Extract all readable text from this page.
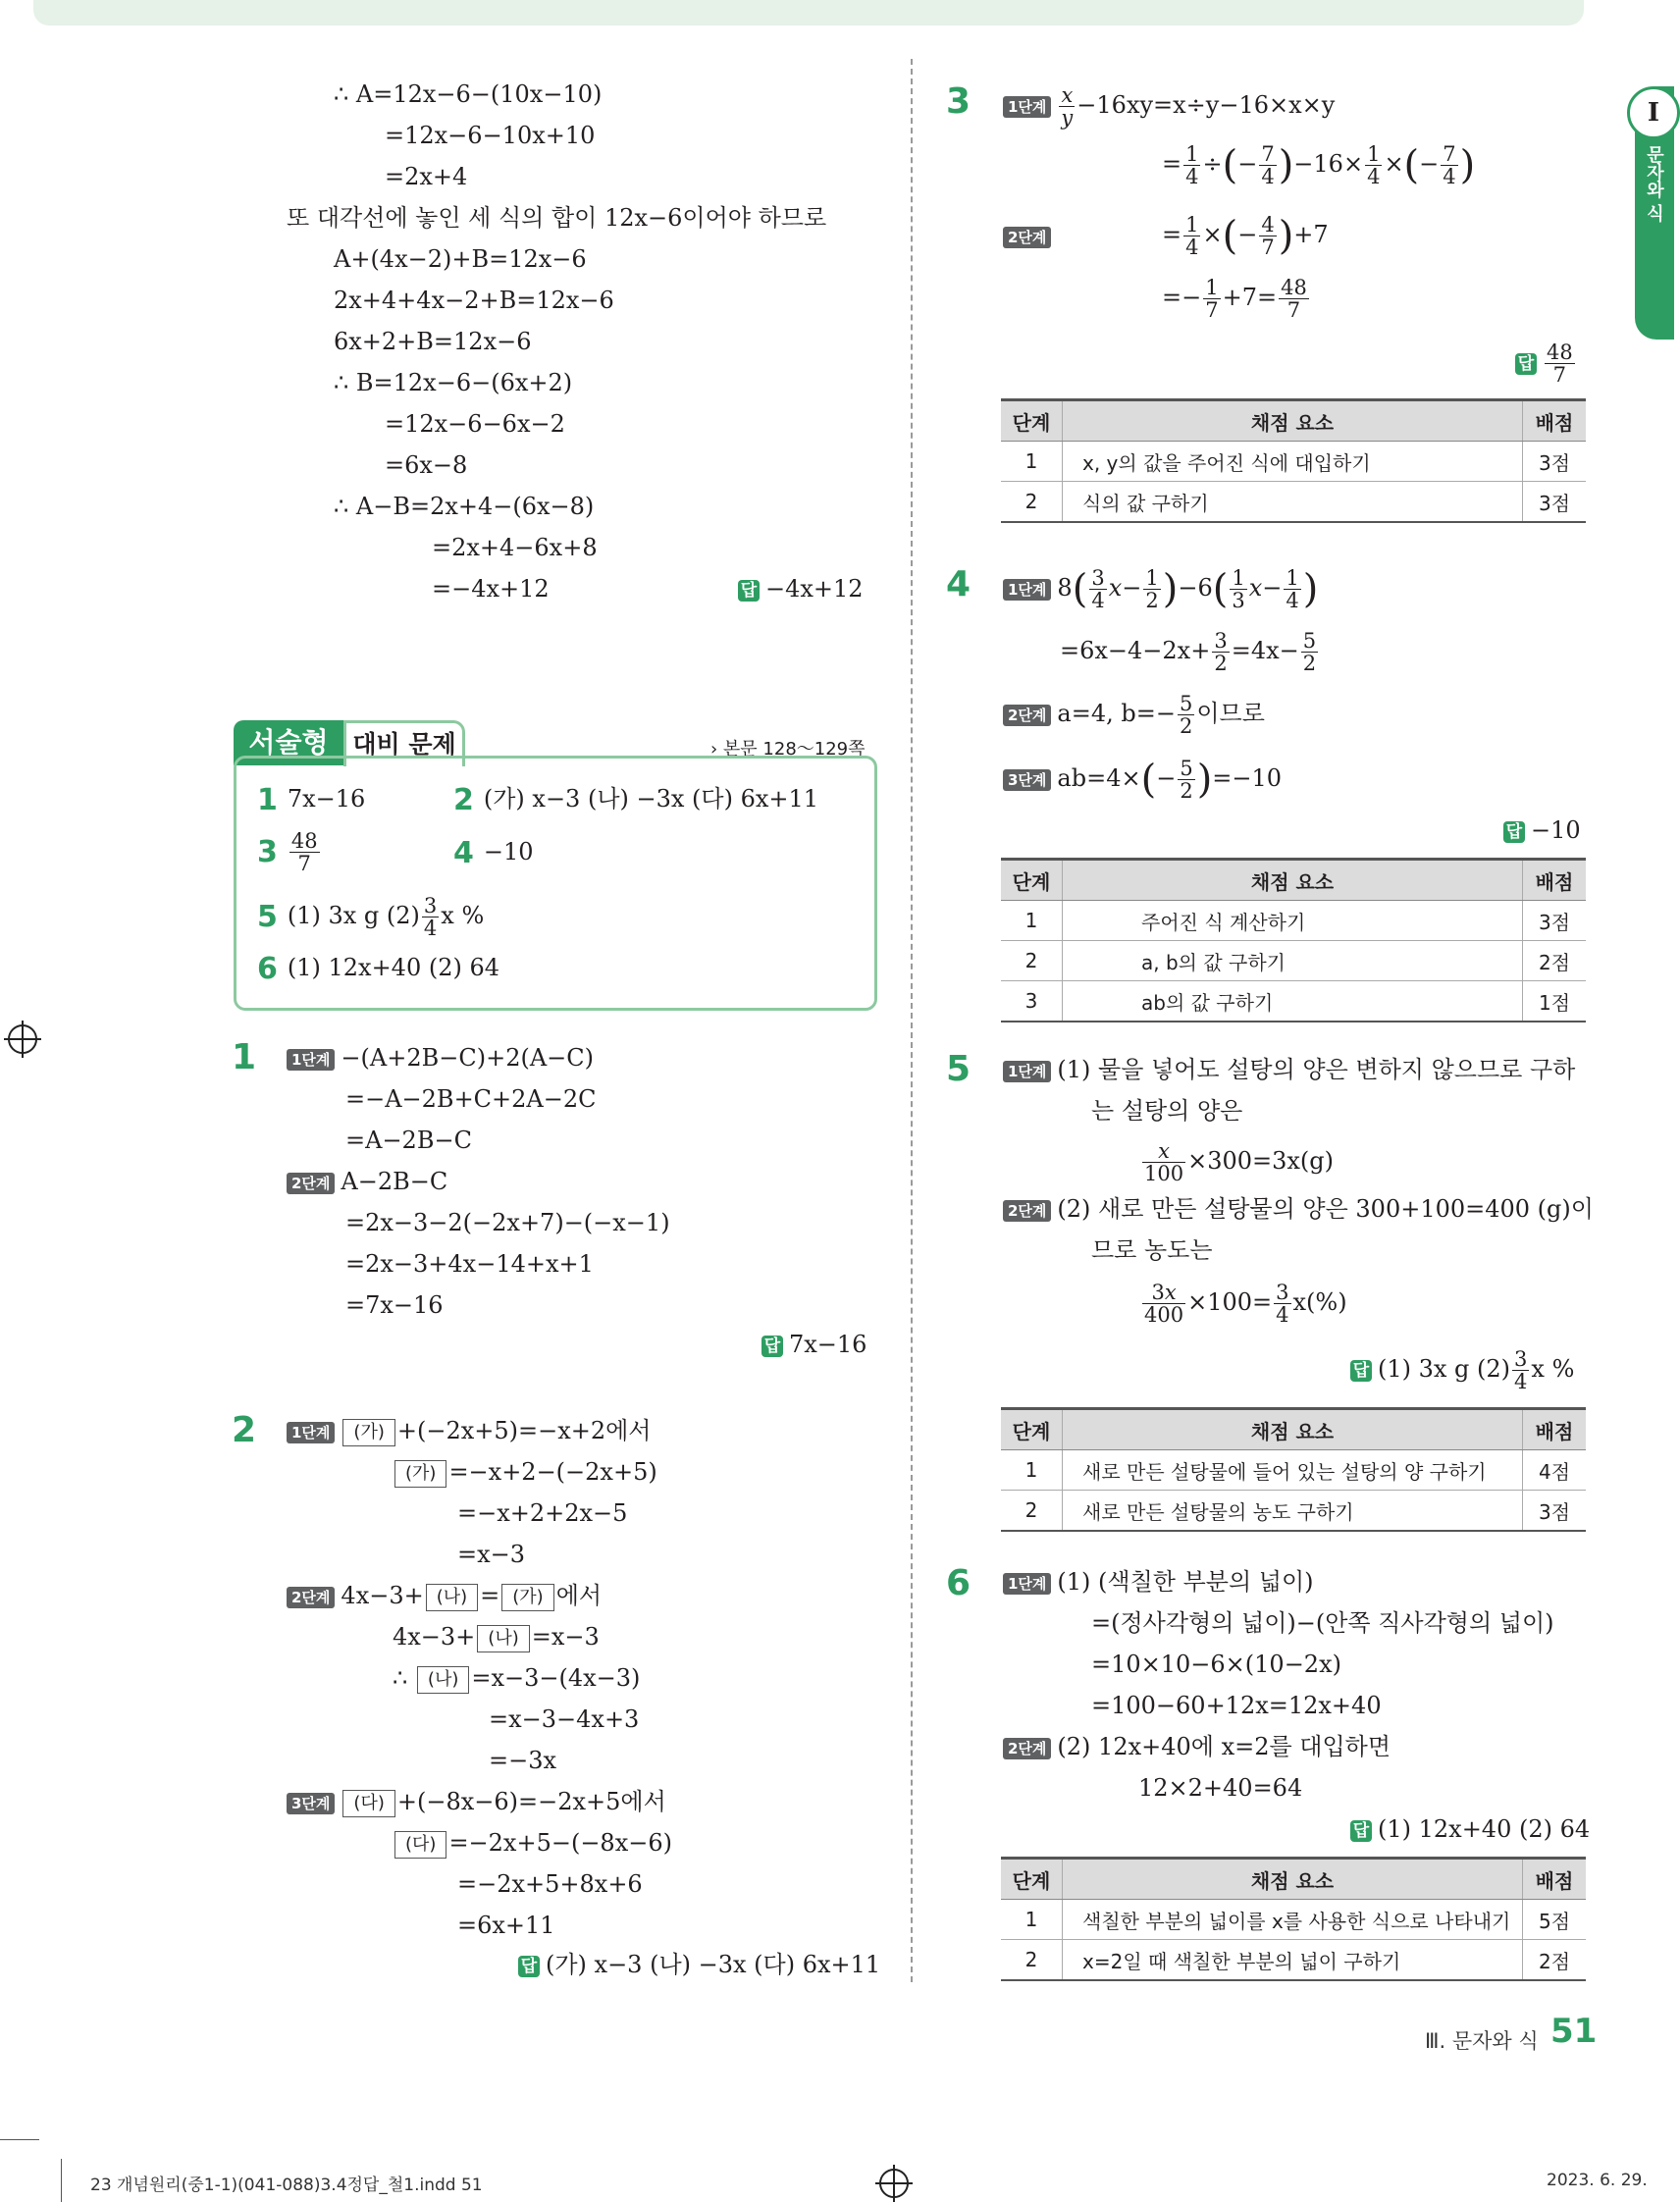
I
문자와 식
∴ A=12x−6−(10x−10)
=12x−6−10x+10
=2x+4
또 대각선에 놓인 세 식의 합이 12x−6이어야 하므로
A+(4x−2)+B=12x−6
2x+4+4x−2+B=12x−6
6x+2+B=12x−6
∴ B=12x−6−(6x+2)
=12x−6−6x−2
=6x−8
∴ A−B=2x+4−(6x−8)
=2x+4−6x+8
=−4x+12	답 −4x+12
서술형 대비 문제	› 본문 128～129쪽
1 7x−16	2 (가) x−3 (나) −3x (다) 6x+11
$3 \frac{48}{7}$	4 −10
5 (1) 3x g $(2) \frac{3}{4}$ x %
6 (1) 12x+40 (2) 64
1	1단계 −(A+2B−C)+2(A−C)
=−A−2B+C+2A−2C
=A−2B−C
2단계 A−2B−C
=2x−3−2(−2x+7)−(−x−1)
=2x−3+4x−14+x+1
=7x−16
답 7x−16
2	1단계 (가) +(−2x+5)=−x+2에서
(가) =−x+2−(−2x+5)
=−x+2+2x−5
=x−3
2단계 4x−3+ (나) = (가) 에서
4x−3+ (나) =x−3
∴ (나) =x−3−(4x−3)
=x−3−4x+3
=−3x
3단계 (다) +(−8x−6)=−2x+5에서
(다) =−2x+5−(−8x−6)
=−2x+5+8x+6
=6x+11
답 (가) x−3 (나) −3x (다) 6x+11
3	1단계 $\frac{x}{y} -16xy=x\div y-16\times x\times y$
= $\frac{1}{4}$ ÷(− $\frac{7}{4} )-16\times \frac{1}{4}$ ×(− $\frac{7}{4}$ )
2단계	= $\frac{1}{4}$ ×(− $\frac{4}{7} )+7$
=− $\frac{1}{7} +7= \frac{48}{7}$
답 $\frac{48}{7}$
단계	채점 요소	배점
1	x, y의 값을 주어진 식에 대입하기	3점
2	식의 값 구하기	3점
4	1단계 $8( \frac{3}{4} x- \frac{1}{2} )-6( \frac{1}{3} x- \frac{1}{4}$ )
$=6x-4-2x+ \frac{3}{2} =4x- \frac{5}{2}$
2단계 a=4, $b=- \frac{5}{2}$ 이므로
3단계 $ab=4\times(- \frac{5}{2} )=-10$
답 −10
단계	채점 요소	배점
1	주어진 식 계산하기	3점
2	a, b의 값 구하기	2점
3	ab의 값 구하기	1점
5	1단계 (1) 물을 넣어도 설탕의 양은 변하지 않으므로 구하
는 설탕의 양은
$\frac{x}{100} \times 300=3x(g)$
2단계 (2) 새로 만든 설탕물의 양은 300+100=400 (g)이
므로 농도는
$\frac{3x}{400} \times 100= \frac{3}{4} x(\%)$
답 (1) 3x g $(2) \frac{3}{4}$ x %
단계	채점 요소	배점
1	새로 만든 설탕물에 들어 있는 설탕의 양 구하기	4점
2	새로 만든 설탕물의 농도 구하기	3점
6	1단계 (1) (색칠한 부분의 넓이)
=(정사각형의 넓이)−(안쪽 직사각형의 넓이)
=10×10−6×(10−2x)
=100−60+12x=12x+40
2단계 (2) 12x+40에 x=2를 대입하면
12×2+40=64
답 (1) 12x+40 (2) 64
단계	채점 요소	배점
1	색칠한 부분의 넓이를 x를 사용한 식으로 나타내기	5점
2	x=2일 때 색칠한 부분의 넓이 구하기	2점
Ⅲ. 문자와 식 51
23 개념원리(중1-1)(041-088)3.4정답_철1.indd 51	2023. 6. 29.
